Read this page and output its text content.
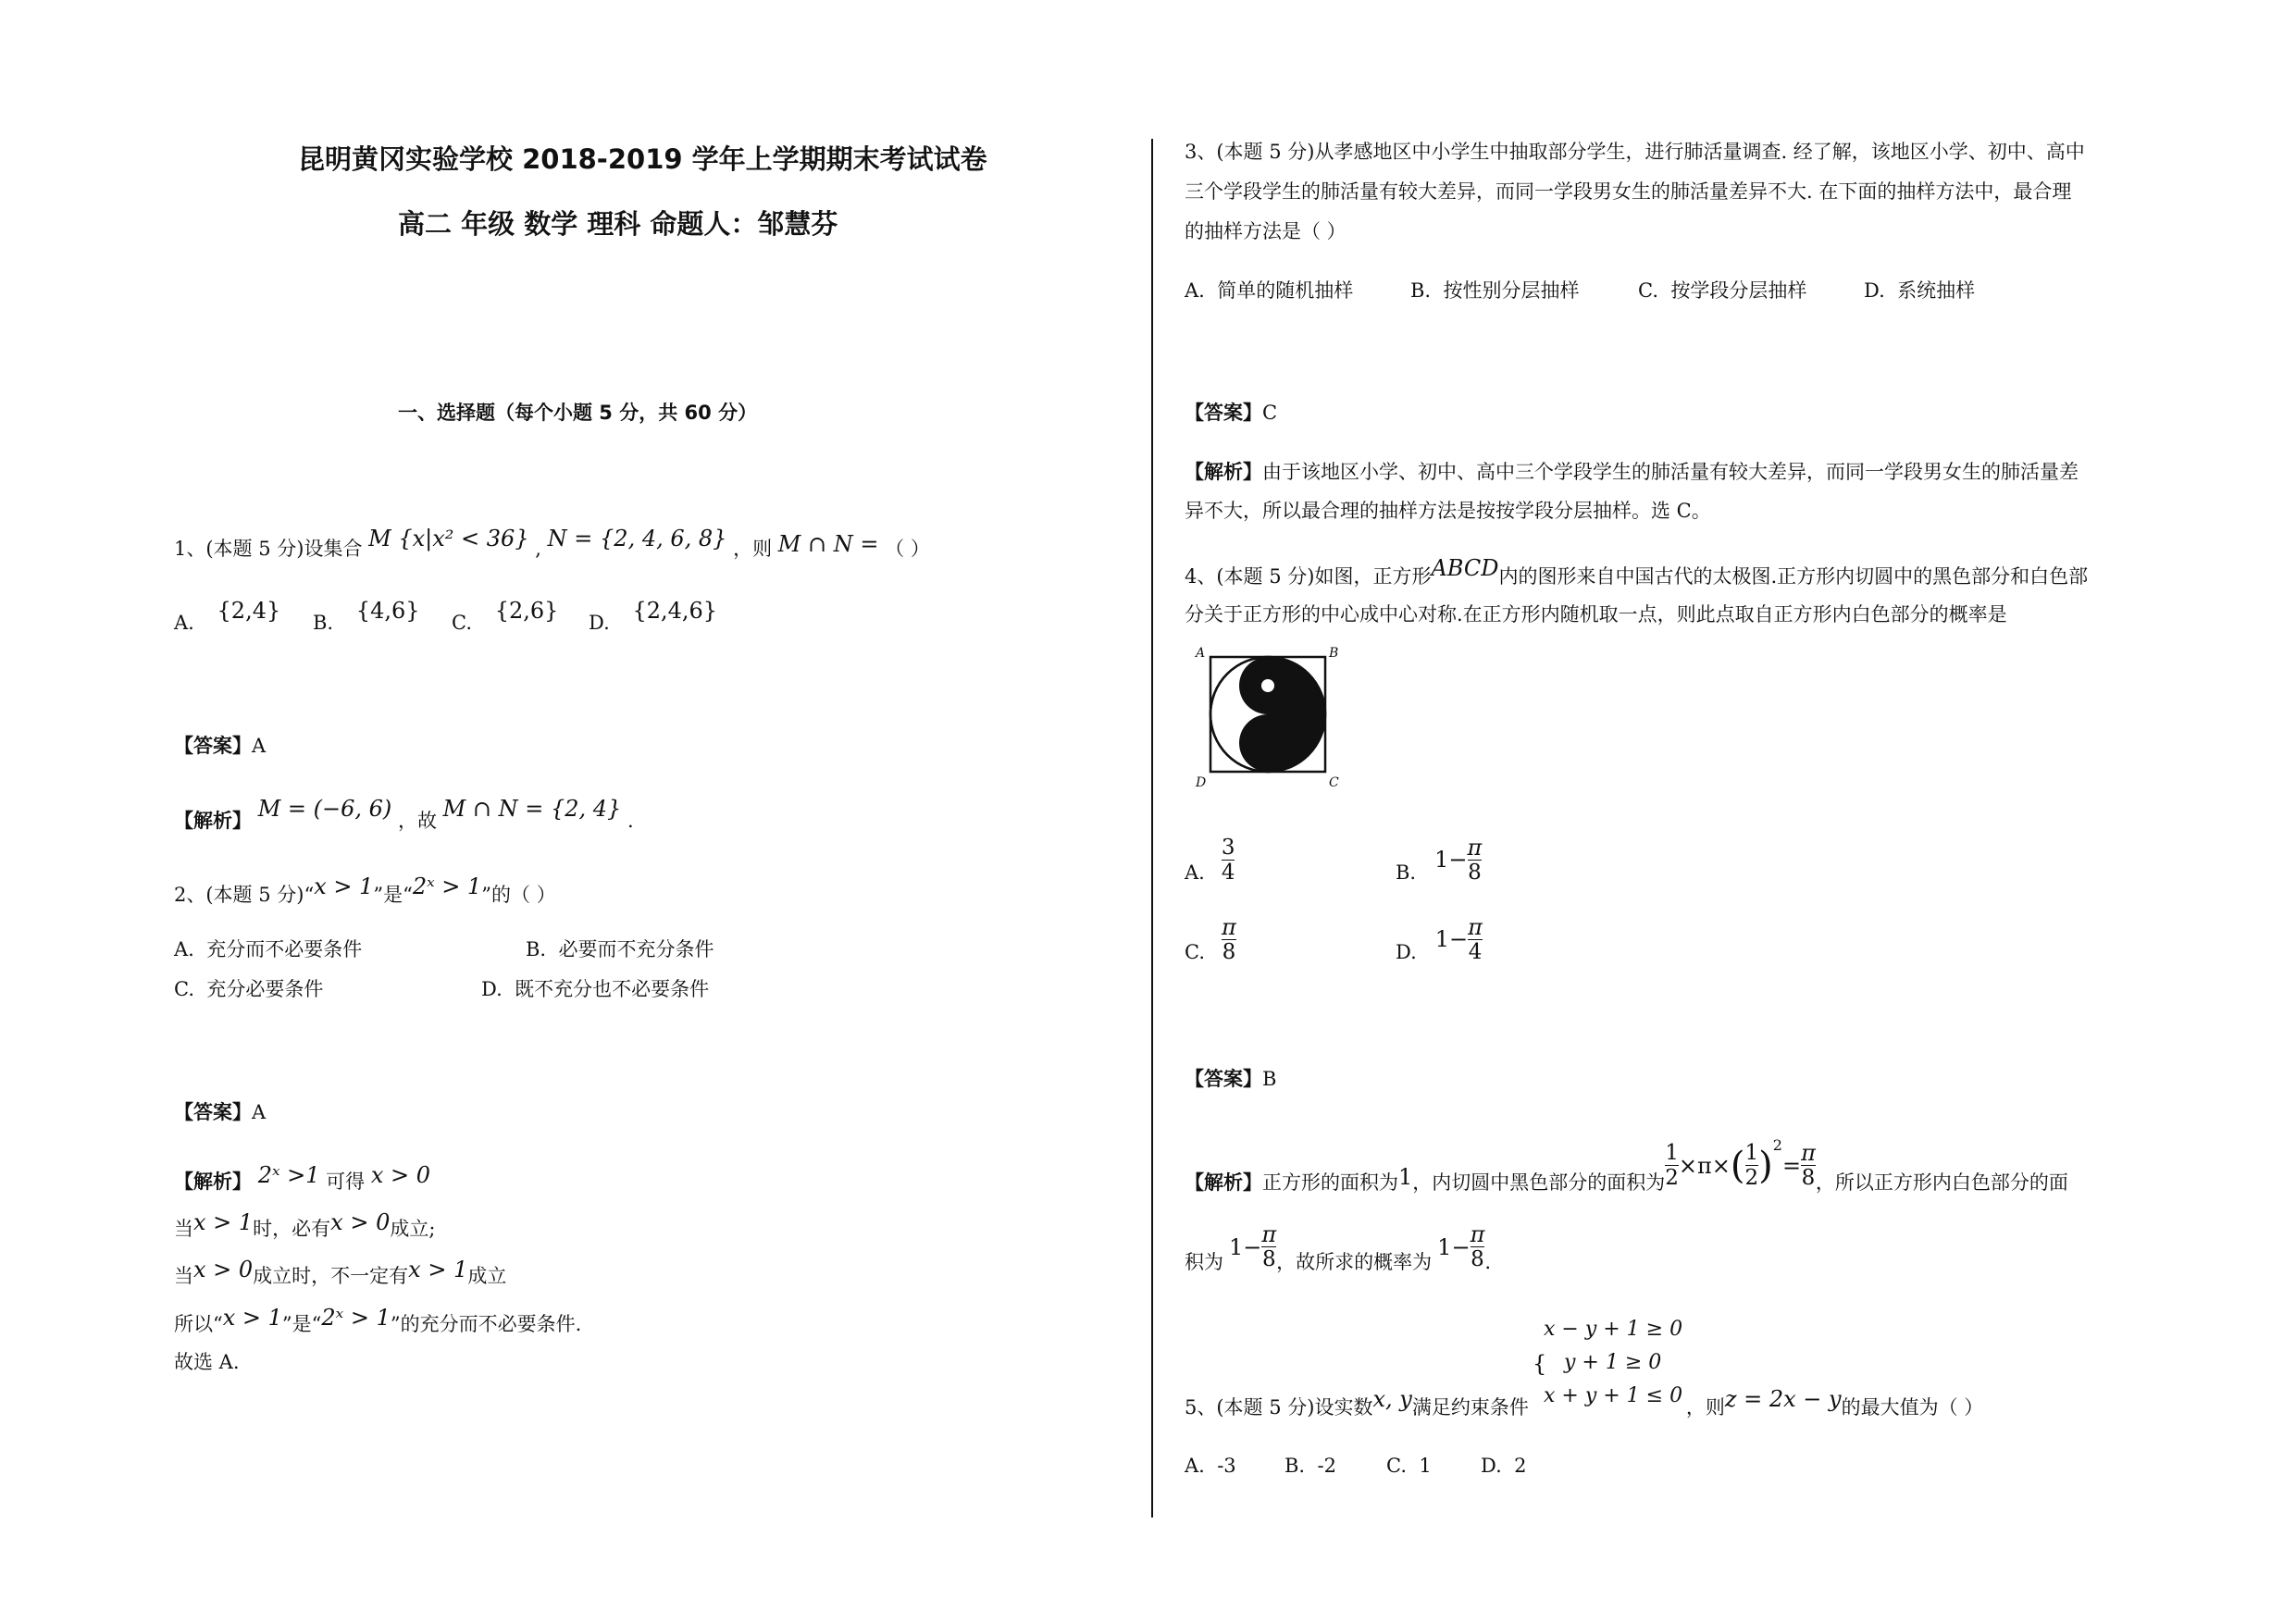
昆明黄冈实验学校 2018-2019 学年上学期期末考试试卷
高二 年级 数学 理科 命题人：邹慧芬
一、选择题（每个小题 5 分，共 60 分）
1、(本题 5 分)设集合 M {x|x² < 36} , N = {2, 4, 6, 8} ，则 M ∩ N = （ ）
A. {2,4} B. {4,6} C. {2,6} D. {2,4,6}
【答案】A
【解析】 M = (−6, 6) ，故 M ∩ N = {2, 4} .
2、(本题 5 分)“x > 1”是“2ˣ > 1”的（ ）
A. 充分而不必要条件	B. 必要而不充分条件
C. 充分必要条件	D. 既不充分也不必要条件
【答案】A
【解析】 2ˣ >1 可得 x > 0
当x > 1时，必有x > 0成立;
当x > 0成立时，不一定有x > 1成立
所以“x > 1”是“2ˣ > 1”的充分而不必要条件.
故选 A.
3、(本题 5 分)从孝感地区中小学生中抽取部分学生，进行肺活量调查. 经了解，该地区小学、初中、高中
三个学段学生的肺活量有较大差异，而同一学段男女生的肺活量差异不大. 在下面的抽样方法中，最合理
的抽样方法是（ ）
A. 简单的随机抽样	B. 按性别分层抽样	C. 按学段分层抽样	D. 系统抽样
【答案】C
【解析】由于该地区小学、初中、高中三个学段学生的肺活量有较大差异，而同一学段男女生的肺活量差
异不大，所以最合理的抽样方法是按按学段分层抽样。选 C。
4、(本题 5 分)如图，正方形ABCD内的图形来自中国古代的太极图.正方形内切圆中的黑色部分和白色部
分关于正方形的中心成中心对称.在正方形内随机取一点，则此点取自正方形内白色部分的概率是
A	B
C
D
A. $\frac{3}{4}$	B. $1- \frac{\pi}{8}$
C. $\frac{\pi}{8}$	D. $1- \frac{\pi}{4}$
【答案】B
【解析】 正方形的面积为 1 ，内切圆中黑色部分的面积为 $\frac{1}{2} \times\pi\times$ ( $\frac{1}{2}$ ) 2
= $\frac{\pi}{8}$ ，所以正方形内白色部分的面
积为
$1- \frac{\pi}{8}$ ，故所求的概率为
$1- \frac{\pi}{8}$ .
x − y + 1 ≥ 0
{ y + 1 ≥ 0
x + y + 1 ≤ 0
5、(本题 5 分)设实数x, y满足约束条件	，则z = 2x − y的最大值为（ ）
A. -3 B. -2	C. 1	D. 2
